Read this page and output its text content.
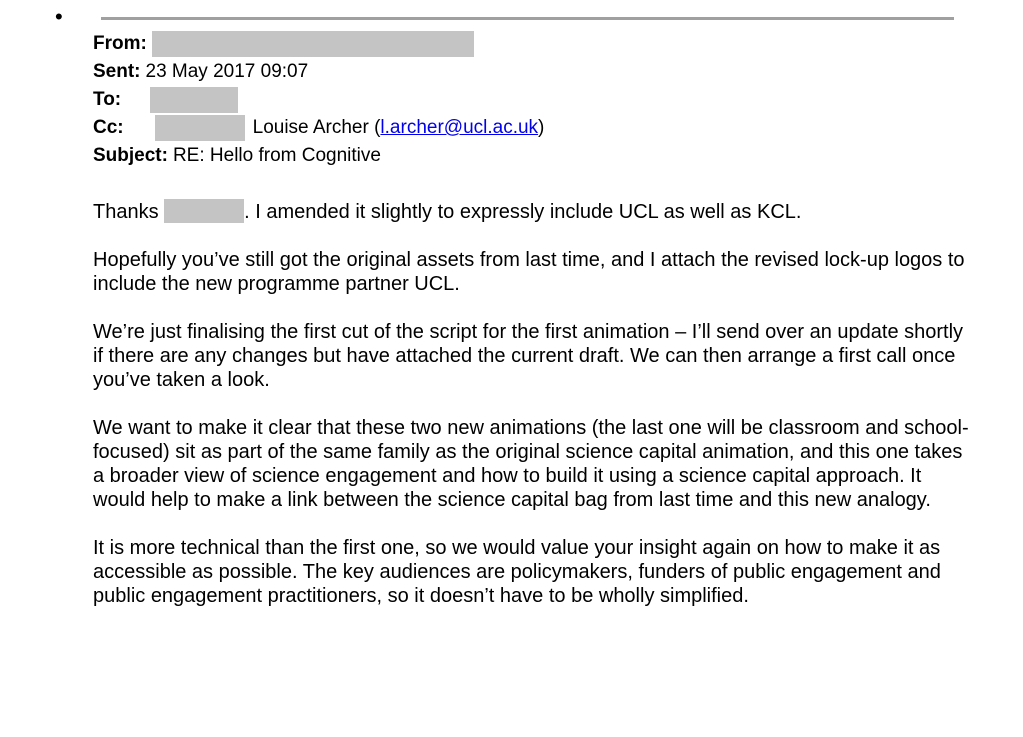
•
From:
Sent: 23 May 2017 09:07
To:
Cc:	Louise Archer ( l.archer@ucl.ac.uk )
Subject: RE: Hello from Cognitive

Thanks	. I amended it slightly to expressly include UCL as well as KCL.

Hopefully you’ve still got the original assets from last time, and I attach the revised lock-up logos to include the new programme partner UCL.

We’re just finalising the first cut of the script for the first animation – I’ll send over an update shortly if there are any changes but have attached the current draft. We can then arrange a first call once you’ve taken a look.

We want to make it clear that these two new animations (the last one will be classroom and school-focused) sit as part of the same family as the original science capital animation, and this one takes a broader view of science engagement and how to build it using a science capital approach. It would help to make a link between the science capital bag from last time and this new analogy.

It is more technical than the first one, so we would value your insight again on how to make it as accessible as possible. The key audiences are policymakers, funders of public engagement and public engagement practitioners, so it doesn’t have to be wholly simplified.
